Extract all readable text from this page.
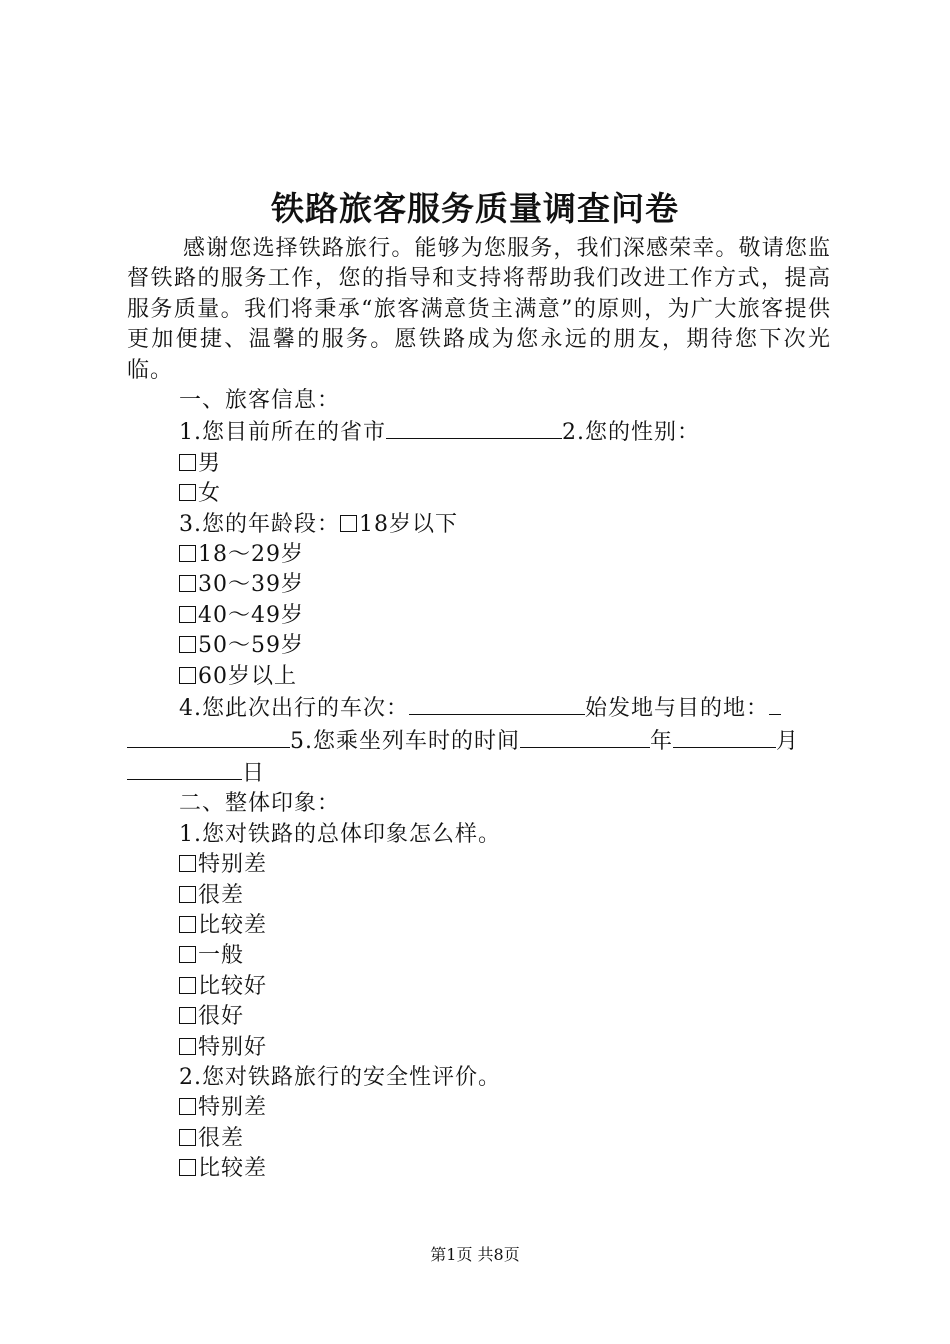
铁路旅客服务质量调查问卷

感谢您选择铁路旅行。能够为您服务，我们深感荣幸。敬请您监督铁路的服务工作，您的指导和支持将帮助我们改进工作方式，提高服务质量。我们将秉承“旅客满意货主满意”的原则，为广大旅客提供更加便捷、温馨的服务。愿铁路成为您永远的朋友，期待您下次光临。

一、旅客信息：

1.您目前所在的省市	2.您的性别：

男

女

3.您的年龄段： 18岁以下

18～29岁

30～39岁

40～49岁

50～59岁

60岁以上

4.您此次出行的车次：	始发地与目的地：

5.您乘坐列车时的时间	年	月

日

二、整体印象：

1.您对铁路的总体印象怎么样。

特别差

很差

比较差

一般

比较好

很好

特别好

2.您对铁路旅行的安全性评价。

特别差

很差

比较差

第1页 共8页
